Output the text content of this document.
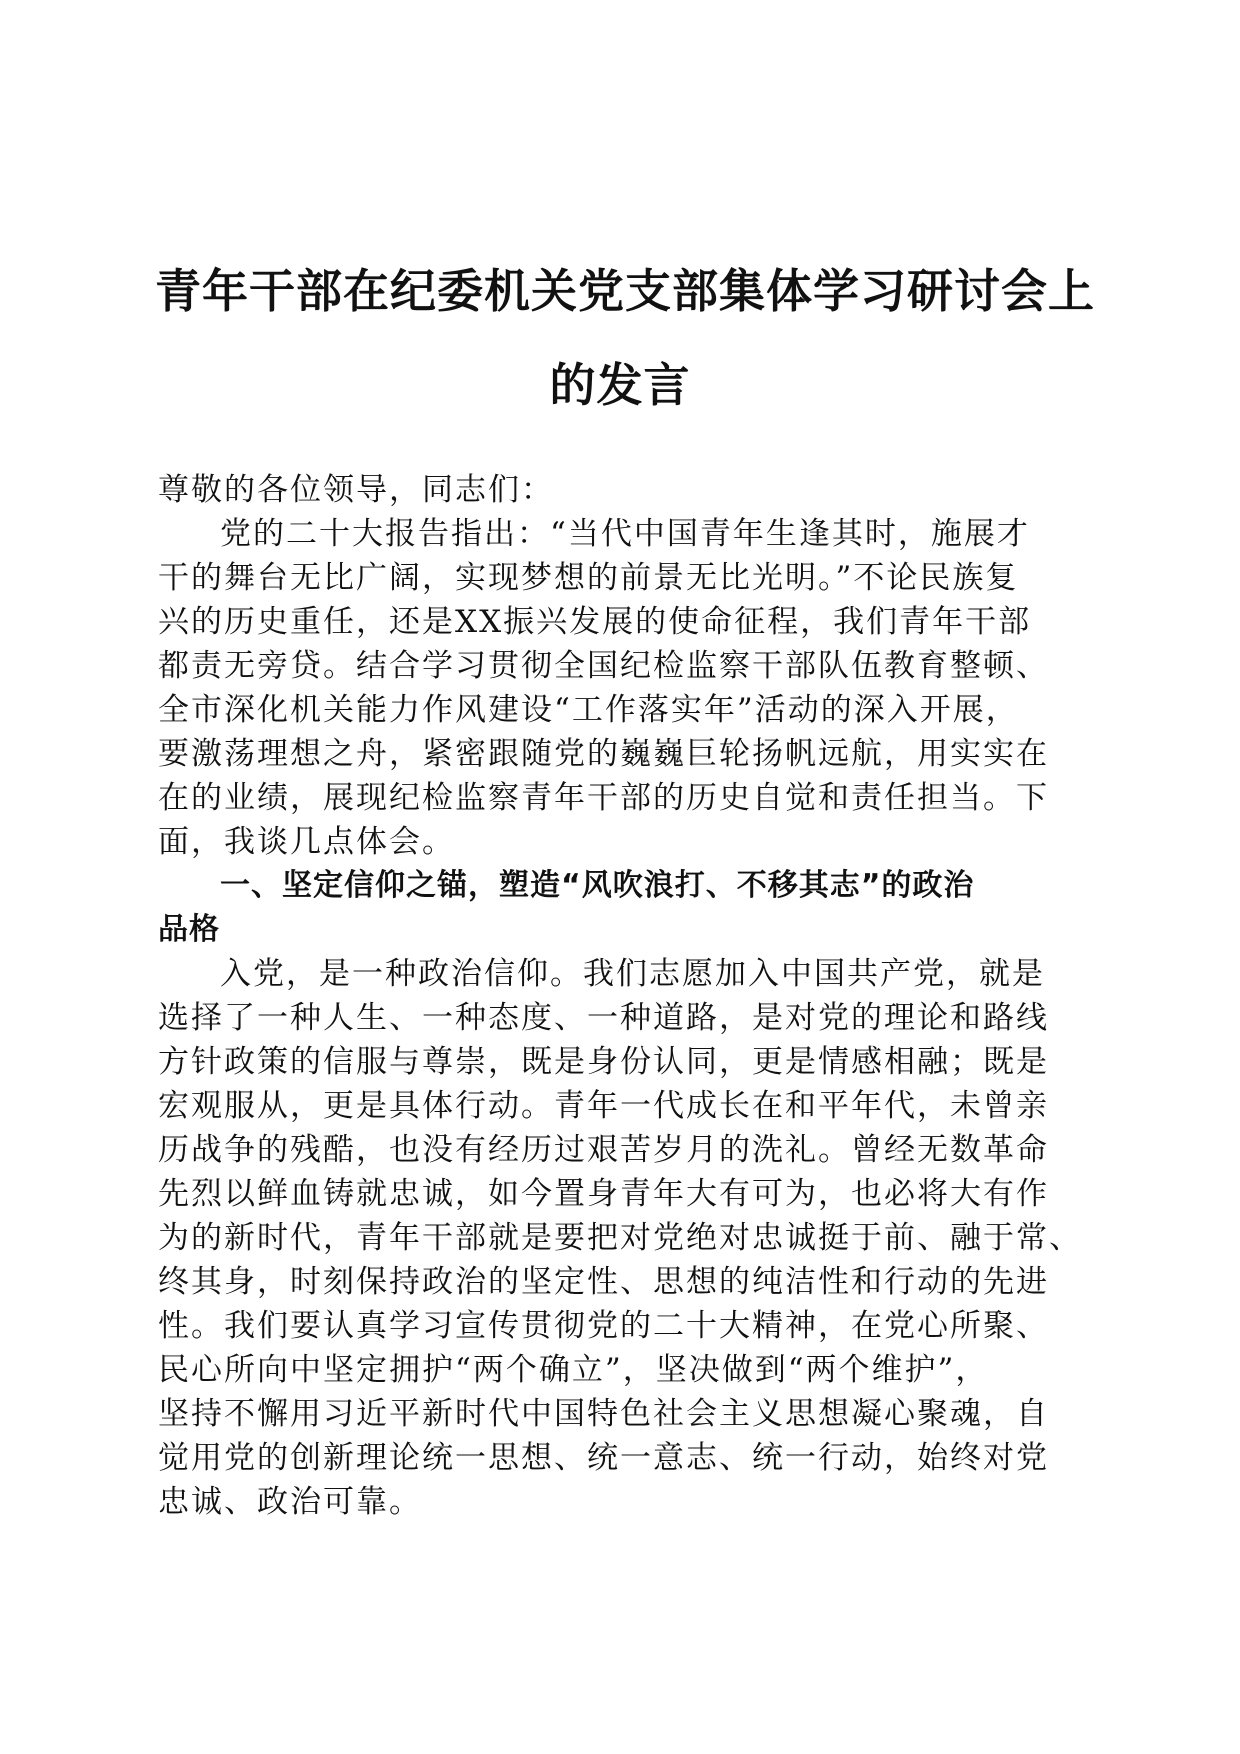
青年干部在纪委机关党支部集体学习研讨会上
的发言
尊敬的各位领导，同志们：
党的二十大报告指出：“当代中国青年生逢其时，施展才
干的舞台无比广阔，实现梦想的前景无比光明。”不论民族复
兴的历史重任，还是XX振兴发展的使命征程，我们青年干部
都责无旁贷。结合学习贯彻全国纪检监察干部队伍教育整顿、
全市深化机关能力作风建设“工作落实年”活动的深入开展，
要激荡理想之舟，紧密跟随党的巍巍巨轮扬帆远航，用实实在
在的业绩，展现纪检监察青年干部的历史自觉和责任担当。下
面，我谈几点体会。
一、坚定信仰之锚，塑造“风吹浪打、不移其志”的政治
品格
入党，是一种政治信仰。我们志愿加入中国共产党，就是
选择了一种人生、一种态度、一种道路，是对党的理论和路线
方针政策的信服与尊崇，既是身份认同，更是情感相融；既是
宏观服从，更是具体行动。青年一代成长在和平年代，未曾亲
历战争的残酷，也没有经历过艰苦岁月的洗礼。曾经无数革命
先烈以鲜血铸就忠诚，如今置身青年大有可为，也必将大有作
为的新时代，青年干部就是要把对党绝对忠诚挺于前、融于常、
终其身，时刻保持政治的坚定性、思想的纯洁性和行动的先进
性。我们要认真学习宣传贯彻党的二十大精神，在党心所聚、
民心所向中坚定拥护“两个确立”，坚决做到“两个维护”，
坚持不懈用习近平新时代中国特色社会主义思想凝心聚魂，自
觉用党的创新理论统一思想、统一意志、统一行动，始终对党
忠诚、政治可靠。
